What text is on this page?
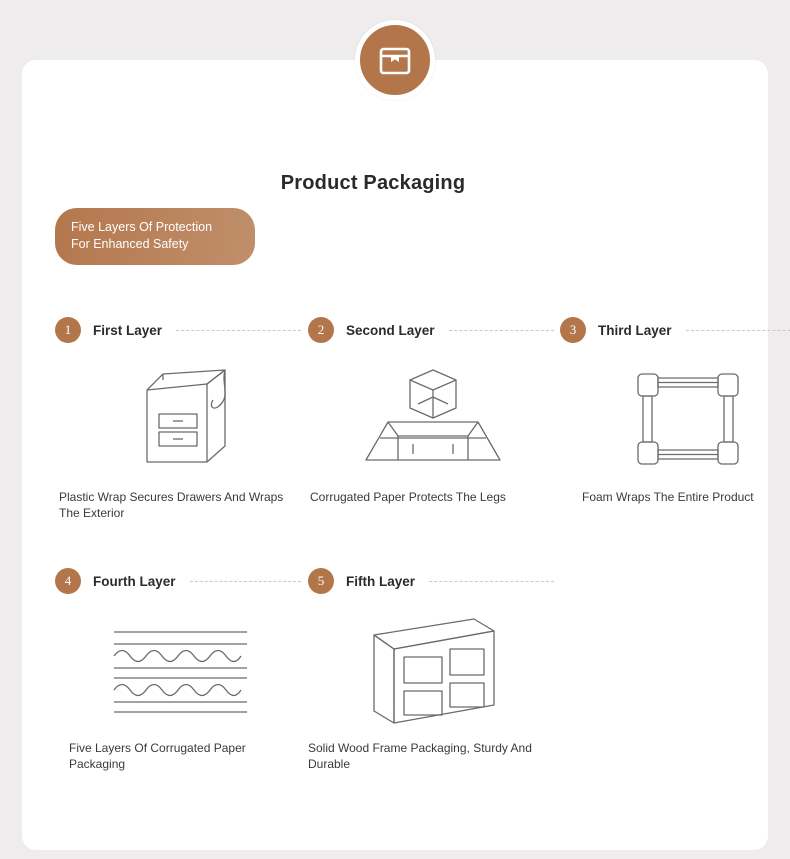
Product Packaging
Five Layers Of Protection
For Enhanced Safety
1	First Layer
Plastic Wrap Secures Drawers And Wraps The Exterior
2	Second Layer
Corrugated Paper Protects The Legs
3	Third Layer
Foam Wraps The Entire Product
4	Fourth Layer
Five Layers Of Corrugated Paper Packaging
5	Fifth Layer
Solid Wood Frame Packaging, Sturdy And Durable
